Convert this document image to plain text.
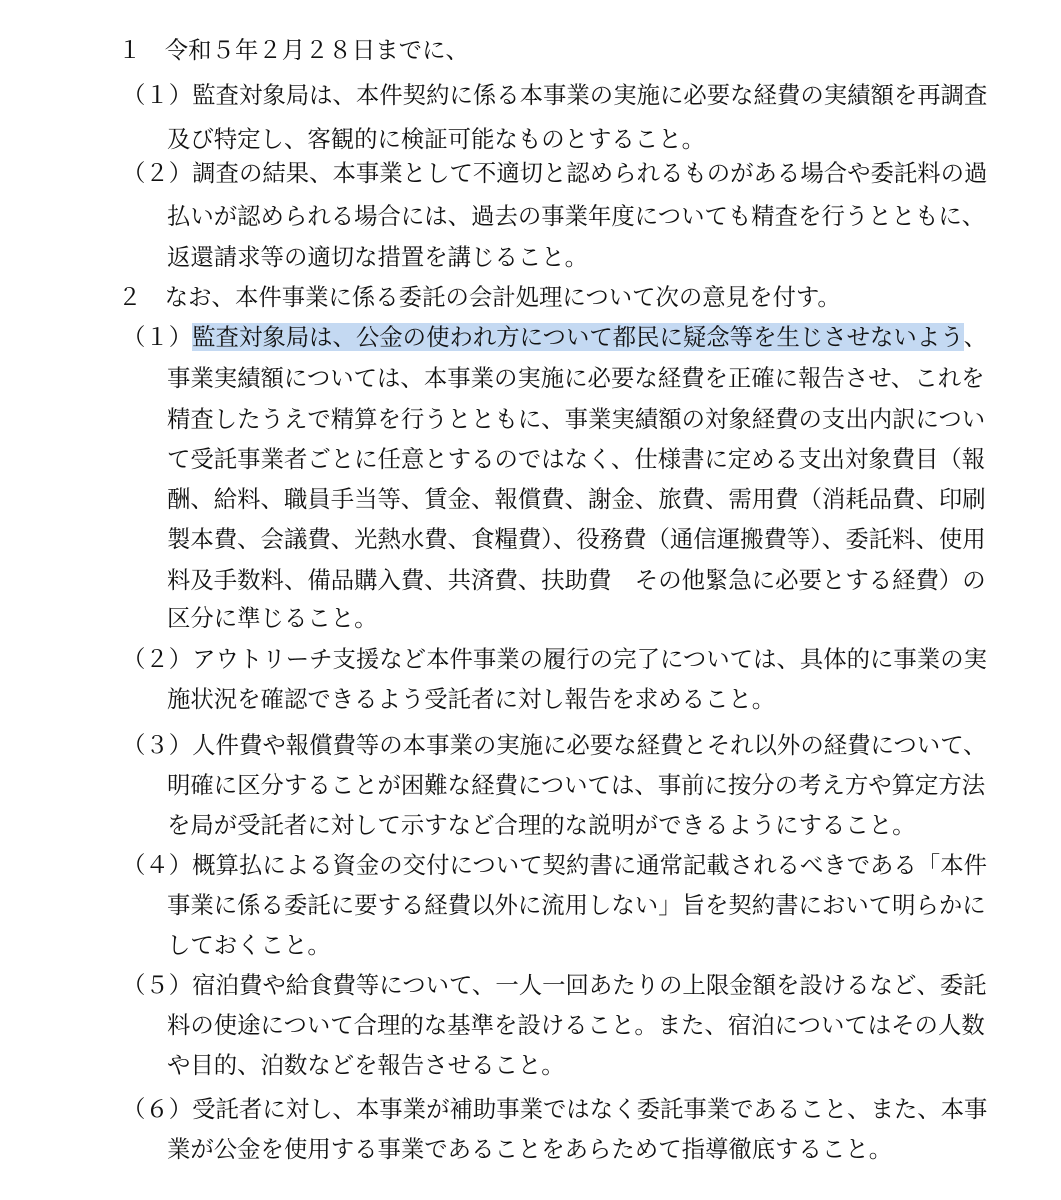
１　令和５年２月２８日までに、
（１）監査対象局は、本件契約に係る本事業の実施に必要な経費の実績額を再調査
及び特定し、客観的に検証可能なものとすること。
（２）調査の結果、本事業として不適切と認められるものがある場合や委託料の過
払いが認められる場合には、過去の事業年度についても精査を行うとともに、
返還請求等の適切な措置を講じること。
２　なお、本件事業に係る委託の会計処理について次の意見を付す。
（１）監査対象局は、公金の使われ方について都民に疑念等を生じさせないよう、
事業実績額については、本事業の実施に必要な経費を正確に報告させ、これを
精査したうえで精算を行うとともに、事業実績額の対象経費の支出内訳につい
て受託事業者ごとに任意とするのではなく、仕様書に定める支出対象費目（報
酬、給料、職員手当等、賃金、報償費、謝金、旅費、需用費（消耗品費、印刷
製本費、会議費、光熱水費、食糧費）、役務費（通信運搬費等）、委託料、使用
料及手数料、備品購入費、共済費、扶助費　その他緊急に必要とする経費）の
区分に準じること。
（２）アウトリーチ支援など本件事業の履行の完了については、具体的に事業の実
施状況を確認できるよう受託者に対し報告を求めること。
（３）人件費や報償費等の本事業の実施に必要な経費とそれ以外の経費について、
明確に区分することが困難な経費については、事前に按分の考え方や算定方法
を局が受託者に対して示すなど合理的な説明ができるようにすること。
（４）概算払による資金の交付について契約書に通常記載されるべきである「本件
事業に係る委託に要する経費以外に流用しない」旨を契約書において明らかに
しておくこと。
（５）宿泊費や給食費等について、一人一回あたりの上限金額を設けるなど、委託
料の使途について合理的な基準を設けること。また、宿泊についてはその人数
や目的、泊数などを報告させること。
（６）受託者に対し、本事業が補助事業ではなく委託事業であること、また、本事
業が公金を使用する事業であることをあらためて指導徹底すること。
